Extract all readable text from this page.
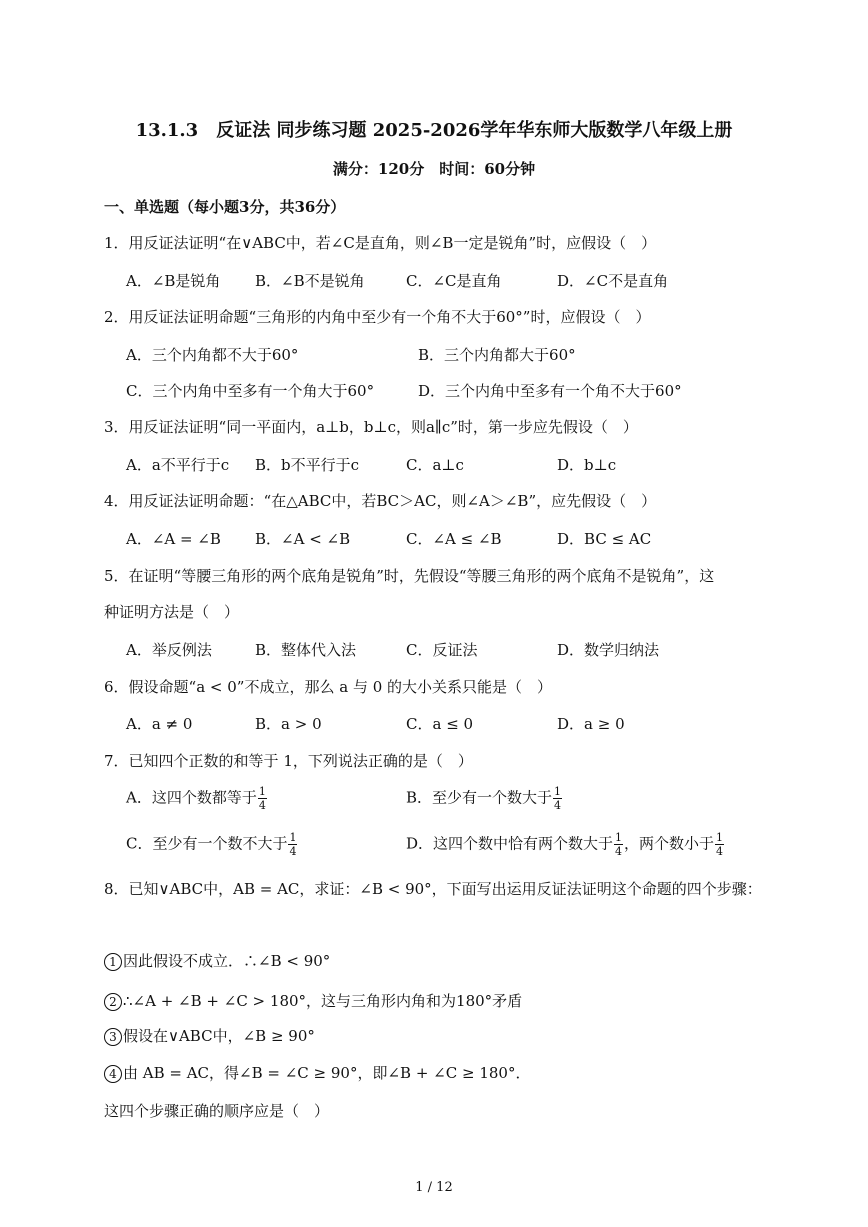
13.1.3　反证法 同步练习题 2025-2026学年华东师大版数学八年级上册
满分：120分　时间：60分钟
一、单选题（每小题3分，共36分）
1．用反证法证明“在∨ABC中，若∠C是直角，则∠B一定是锐角”时，应假设（　）
A．∠B是锐角 B．∠B不是锐角	C．∠C是直角	D．∠C不是直角
2．用反证法证明命题“三角形的内角中至少有一个角不大于60°”时，应假设（　）
A．三个内角都不大于60°	B．三个内角都大于60°
C．三个内角中至多有一个角大于60°	D．三个内角中至多有一个角不大于60°
3．用反证法证明“同一平面内，a⊥b，b⊥c，则a∥c”时，第一步应先假设（　）
A．a不平行于c B．b不平行于c	C．a⊥c	D．b⊥c
4．用反证法证明命题：“在△ABC中，若BC＞AC，则∠A＞∠B”，应先假设（　）
A．∠A = ∠B B．∠A < ∠B	C．∠A ≤ ∠B	D．BC ≤ AC
5．在证明“等腰三角形的两个底角是锐角”时，先假设“等腰三角形的两个底角不是锐角”，这
种证明方法是（　）
A．举反例法	B．整体代入法	C．反证法	D．数学归纳法
6．假设命题“a < 0”不成立，那么 a 与 0 的大小关系只能是（　）
A．a ≠ 0	B．a > 0	C．a ≤ 0	D．a ≥ 0
7．已知四个正数的和等于 1，下列说法正确的是（　）
A．这四个数都等于 $\frac{1}{4}$	B．至少有一个数大于 $\frac{1}{4}$
C．至少有一个数不大于 $\frac{1}{4}$	D．这四个数中恰有两个数大于 $\frac{1}{4}$ ，两个数小于 $\frac{1}{4}$
8．已知∨ABC中，AB = AC，求证：∠B < 90°，下面写出运用反证法证明这个命题的四个步骤：
1 因此假设不成立．∴∠B < 90°
2 ∴∠A + ∠B + ∠C > 180°，这与三角形内角和为180°矛盾
3 假设在∨ABC中，∠B ≥ 90°
4 由 AB = AC，得∠B = ∠C ≥ 90°，即∠B + ∠C ≥ 180°．
这四个步骤正确的顺序应是（　）
1 / 12
